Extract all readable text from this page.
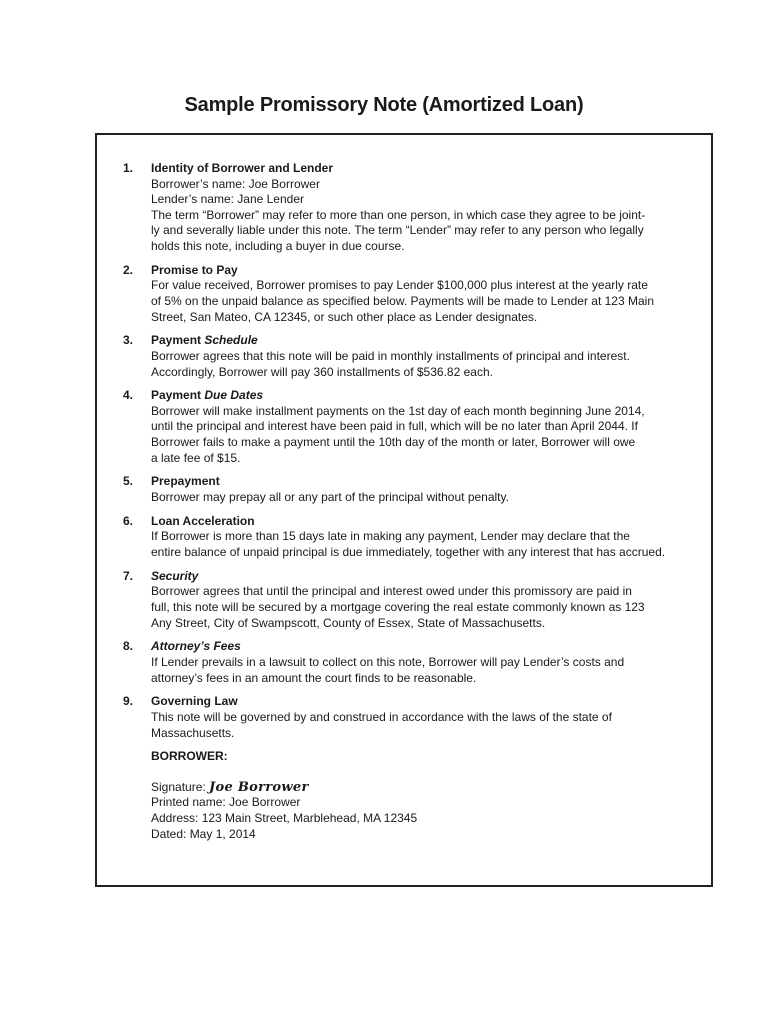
Sample Promissory Note (Amortized Loan)
1. Identity of Borrower and Lender
Borrower’s name: Joe Borrower
Lender’s name: Jane Lender
The term “Borrower” may refer to more than one person, in which case they agree to be joint-
ly and severally liable under this note. The term “Lender” may refer to any person who legally
holds this note, including a buyer in due course.
2. Promise to Pay
For value received, Borrower promises to pay Lender $100,000 plus interest at the yearly rate
of 5% on the unpaid balance as specified below. Payments will be made to Lender at 123 Main
Street, San Mateo, CA 12345, or such other place as Lender designates.
3. Payment Schedule
Borrower agrees that this note will be paid in monthly installments of principal and interest.
Accordingly, Borrower will pay 360 installments of $536.82 each.
4. Payment Due Dates
Borrower will make installment payments on the 1st day of each month beginning June 2014,
until the principal and interest have been paid in full, which will be no later than April 2044. If
Borrower fails to make a payment until the 10th day of the month or later, Borrower will owe
a late fee of $15.
5. Prepayment
Borrower may prepay all or any part of the principal without penalty.
6. Loan Acceleration
If Borrower is more than 15 days late in making any payment, Lender may declare that the
entire balance of unpaid principal is due immediately, together with any interest that has accrued.
7. Security
Borrower agrees that until the principal and interest owed under this promissory are paid in
full, this note will be secured by a mortgage covering the real estate commonly known as 123
Any Street, City of Swampscott, County of Essex, State of Massachusetts.
8. Attorney’s Fees
If Lender prevails in a lawsuit to collect on this note, Borrower will pay Lender’s costs and
attorney’s fees in an amount the court finds to be reasonable.
9. Governing Law
This note will be governed by and construed in accordance with the laws of the state of
Massachusetts.
BORROWER:
Signature: Joe Borrower
Printed name: Joe Borrower
Address: 123 Main Street, Marblehead, MA 12345
Dated: May 1, 2014
